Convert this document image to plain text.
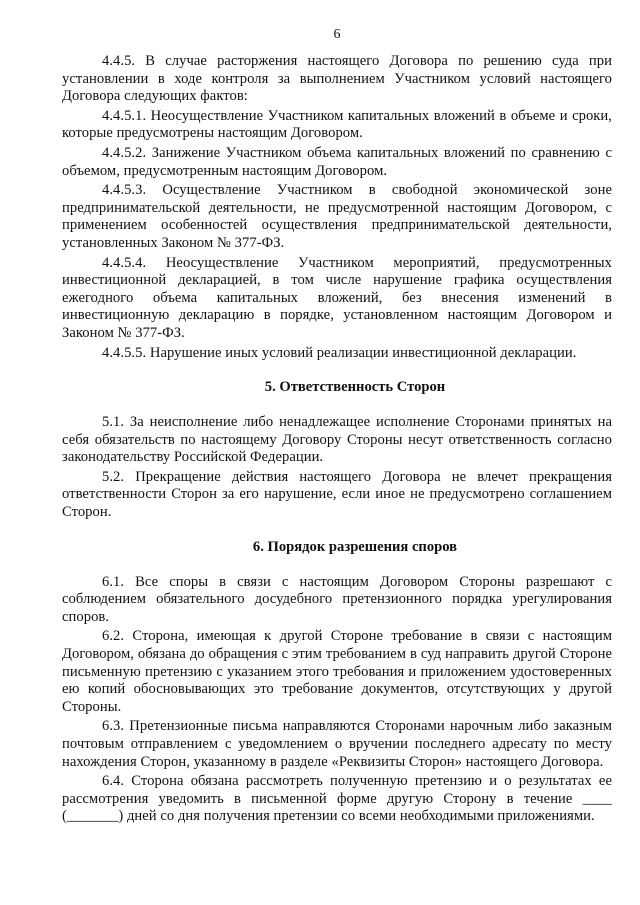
6

4.4.5. В случае расторжения настоящего Договора по решению суда при установлении в ходе контроля за выполнением Участником условий настоящего Договора следующих фактов:

4.4.5.1. Неосуществление Участником капитальных вложений в объеме и сроки, которые предусмотрены настоящим Договором.

4.4.5.2. Занижение Участником объема капитальных вложений по сравнению с объемом, предусмотренным настоящим Договором.

4.4.5.3. Осуществление Участником в свободной экономической зоне предпринимательской деятельности, не предусмотренной настоящим Договором, с применением особенностей осуществления предпринимательской деятельности, установленных Законом № 377-ФЗ.

4.4.5.4. Неосуществление Участником мероприятий, предусмотренных инвестиционной декларацией, в том числе нарушение графика осуществления ежегодного объема капитальных вложений, без внесения изменений в инвестиционную декларацию в порядке, установленном настоящим Договором и Законом № 377-ФЗ.

4.4.5.5. Нарушение иных условий реализации инвестиционной декларации.

5. Ответственность Сторон

5.1. За неисполнение либо ненадлежащее исполнение Сторонами принятых на себя обязательств по настоящему Договору Стороны несут ответственность согласно законодательству Российской Федерации.

5.2. Прекращение действия настоящего Договора не влечет прекращения ответственности Сторон за его нарушение, если иное не предусмотрено соглашением Сторон.

6. Порядок разрешения споров

6.1. Все споры в связи с настоящим Договором Стороны разрешают с соблюдением обязательного досудебного претензионного порядка урегулирования споров.

6.2. Сторона, имеющая к другой Стороне требование в связи с настоящим Договором, обязана до обращения с этим требованием в суд направить другой Стороне письменную претензию с указанием этого требования и приложением удостоверенных ею копий обосновывающих это требование документов, отсутствующих у другой Стороны.

6.3. Претензионные письма направляются Сторонами нарочным либо заказным почтовым отправлением с уведомлением о вручении последнего адресату по месту нахождения Сторон, указанному в разделе «Реквизиты Сторон» настоящего Договора.

6.4. Сторона обязана рассмотреть полученную претензию и о результатах ее рассмотрения уведомить в письменной форме другую Сторону в течение ____ (_______) дней со дня получения претензии со всеми необходимыми приложениями.
